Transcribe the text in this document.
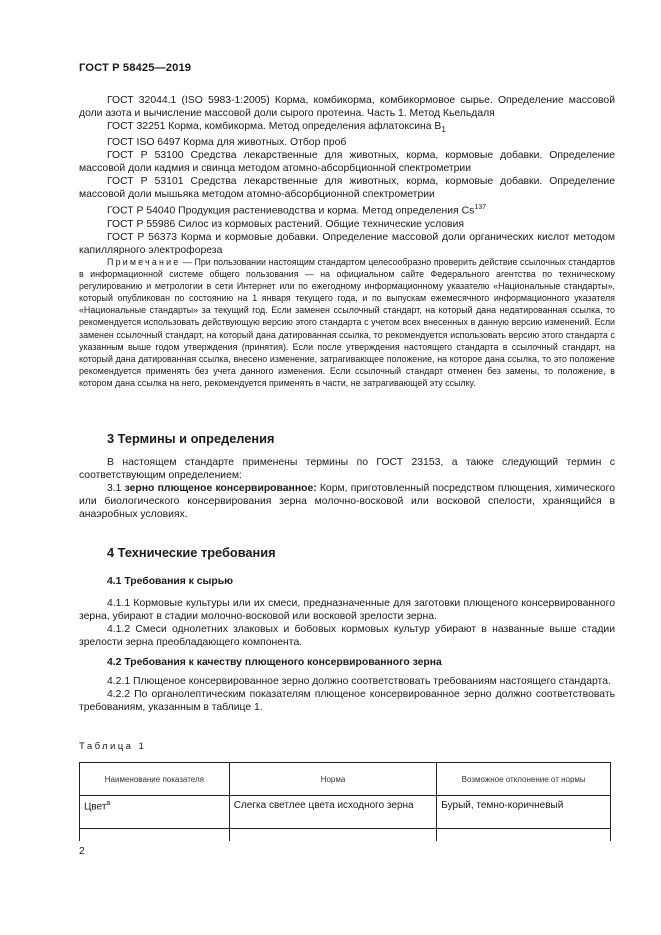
ГОСТ Р 58425—2019

ГОСТ 32044.1 (ISO 5983-1:2005) Корма, комбикорма, комбикормовое сырье. Определение массовой доли азота и вычисление массовой доли сырого протеина. Часть 1. Метод Кьельдаля

ГОСТ 32251 Корма, комбикорма. Метод определения афлатоксина $В_1$

ГОСТ ISO 6497 Корма для животных. Отбор проб

ГОСТ Р 53100 Средства лекарственные для животных, корма, кормовые добавки. Определение массовой доли кадмия и свинца методом атомно-абсорбционной спектрометрии

ГОСТ Р 53101 Средства лекарственные для животных, корма, кормовые добавки. Определение массовой доли мышьяка методом атомно-абсорбционной спектрометрии

ГОСТ Р 54040 Продукция растениеводства и корма. Метод определения Cs$^{137}$

ГОСТ Р 55986 Силос из кормовых растений. Общие технические условия

ГОСТ Р 56373 Корма и кормовые добавки. Определение массовой доли органических кислот методом капиллярного электрофореза

Примечание — При пользовании настоящим стандартом целесообразно проверить действие ссылочных стандартов в информационной системе общего пользования — на официальном сайте Федерального агентства по техническому регулированию и метрологии в сети Интернет или по ежегодному информационному указателю «Национальные стандарты», который опубликован по состоянию на 1 января текущего года, и по выпускам ежемесячного информационного указателя «Национальные стандарты» за текущий год. Если заменен ссылочный стандарт, на который дана недатированная ссылка, то рекомендуется использовать действующую версию этого стандарта с учетом всех внесенных в данную версию изменений. Если заменен ссылочный стандарт, на который дана датированная ссылка, то рекомендуется использовать версию этого стандарта с указанным выше годом утверждения (принятия). Если после утверждения настоящего стандарта в ссылочный стандарт, на который дана датированная ссылка, внесено изменение, затрагивающее положение, на которое дана ссылка, то это положение рекомендуется применять без учета данного изменения. Если ссылочный стандарт отменен без замены, то положение, в котором дана ссылка на него, рекомендуется применять в части, не затрагивающей эту ссылку.

3 Термины и определения

В настоящем стандарте применены термины по ГОСТ 23153, а также следующий термин с соответствующим определением:

3.1 зерно плющеное консервированное: Корм, приготовленный посредством плющения, химического или биологического консервирования зерна молочно-восковой или восковой спелости, хранящийся в анаэробных условиях.

4 Технические требования
4.1 Требования к сырью

4.1.1 Кормовые культуры или их смеси, предназначенные для заготовки плющеного консервированного зерна, убирают в стадии молочно-восковой или восковой зрелости зерна.

4.1.2 Смеси однолетних злаковых и бобовых кормовых культур убирают в названные выше стадии зрелости зерна преобладающего компонента.

4.2 Требования к качеству плющеного консервированного зерна

4.2.1 Плющеное консервированное зерно должно соответствовать требованиям настоящего стандарта.

4.2.2 По органолептическим показателям плющеное консервированное зерно должно соответствовать требованиям, указанным в таблице 1.

Таблица 1
Наименование показателя	Норма	Возможное отклонение от нормы
Цвет$^а$	Слегка светлее цвета исходного зерна	Бурый, темно-коричневый

2
